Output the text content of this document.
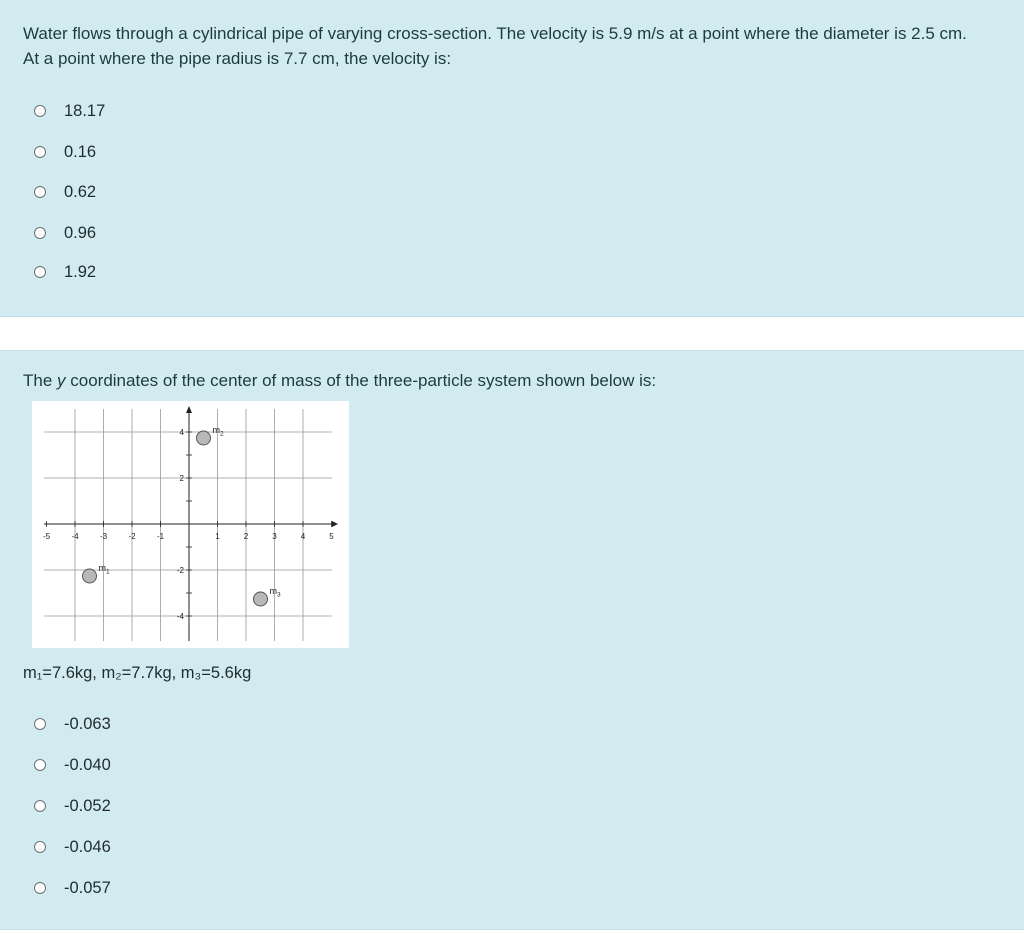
Water flows through a cylindrical pipe of varying cross-section. The velocity is 5.9 m/s at a point where the diameter is 2.5 cm. At a point where the pipe radius is 7.7 cm, the velocity is:

18.17
0.16
0.62
0.96
1.92

The y coordinates of the center of mass of the three-particle system shown below is:

-5	-4	-3	-2	-1	1	2	3	4	5
4
2
-2
-4
$m_1$
$m_2$
$m_3$

m₁=7.6kg, m₂=7.7kg, m₃=5.6kg

-0.063
-0.040
-0.052
-0.046
-0.057
